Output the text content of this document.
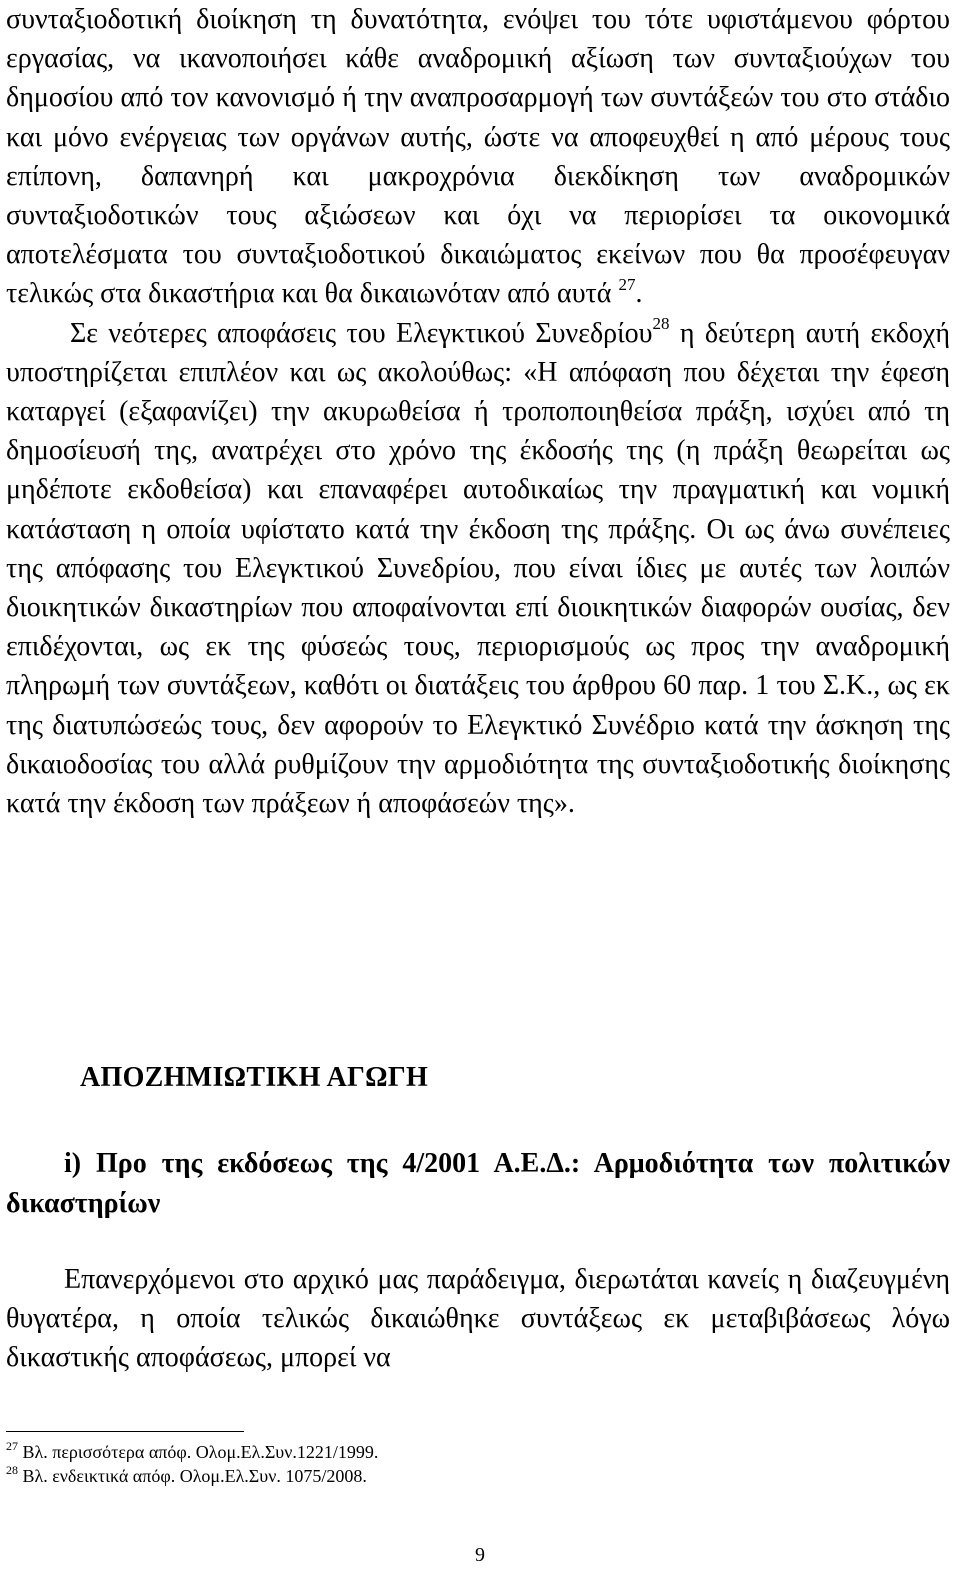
συνταξιοδοτική διοίκηση τη δυνατότητα, ενόψει του τότε υφιστάμενου φόρτου εργασίας, να ικανοποιήσει κάθε αναδρομική αξίωση των συνταξιούχων του δημοσίου από τον κανονισμό ή την αναπροσαρμογή των συντάξεών του στο στάδιο και μόνο ενέργειας των οργάνων αυτής, ώστε να αποφευχθεί η από μέρους τους επίπονη, δαπανηρή και μακροχρόνια διεκδίκηση των αναδρομικών συνταξιοδοτικών τους αξιώσεων και όχι να περιορίσει τα οικονομικά αποτελέσματα του συνταξιοδοτικού δικαιώματος εκείνων που θα προσέφευγαν τελικώς στα δικαστήρια και θα δικαιωνόταν από αυτά $^{27}$.

Σε νεότερες αποφάσεις του Ελεγκτικού Συνεδρίου$^{28}$ η δεύτερη αυτή εκδοχή υποστηρίζεται επιπλέον και ως ακολούθως: «Η απόφαση που δέχεται την έφεση καταργεί (εξαφανίζει) την ακυρωθείσα ή τροποποιηθείσα πράξη, ισχύει από τη δημοσίευσή της, ανατρέχει στο χρόνο της έκδοσής της (η πράξη θεωρείται ως μηδέποτε εκδοθείσα) και επαναφέρει αυτοδικαίως την πραγματική και νομική κατάσταση η οποία υφίστατο κατά την έκδοση της πράξης. Οι ως άνω συνέπειες της απόφασης του Ελεγκτικού Συνεδρίου, που είναι ίδιες με αυτές των λοιπών διοικητικών δικαστηρίων που αποφαίνονται επί διοικητικών διαφορών ουσίας, δεν επιδέχονται, ως εκ της φύσεώς τους, περιορισμούς ως προς την αναδρομική πληρωμή των συντάξεων, καθότι οι διατάξεις του άρθρου 60 παρ. 1 του Σ.Κ., ως εκ της διατυπώσεώς τους, δεν αφορούν το Ελεγκτικό Συνέδριο κατά την άσκηση της δικαιοδοσίας του αλλά ρυθμίζουν την αρμοδιότητα της συνταξιοδοτικής διοίκησης κατά την έκδοση των πράξεων ή αποφάσεών της».

ΑΠΟΖΗΜΙΩΤΙΚΗ ΑΓΩΓΗ
i) Προ της εκδόσεως της 4/2001 Α.Ε.Δ.: Αρμοδιότητα των πολιτικών δικαστηρίων

Επανερχόμενοι στο αρχικό μας παράδειγμα, διερωτάται κανείς η διαζευγμένη θυγατέρα, η οποία τελικώς δικαιώθηκε συντάξεως εκ μεταβιβάσεως λόγω δικαστικής αποφάσεως, μπορεί να

$^{27}$ Βλ. περισσότερα απόφ. Ολομ.Ελ.Συν.1221/1999.
$^{28}$ Βλ. ενδεικτικά απόφ. Ολομ.Ελ.Συν. 1075/2008.
9
